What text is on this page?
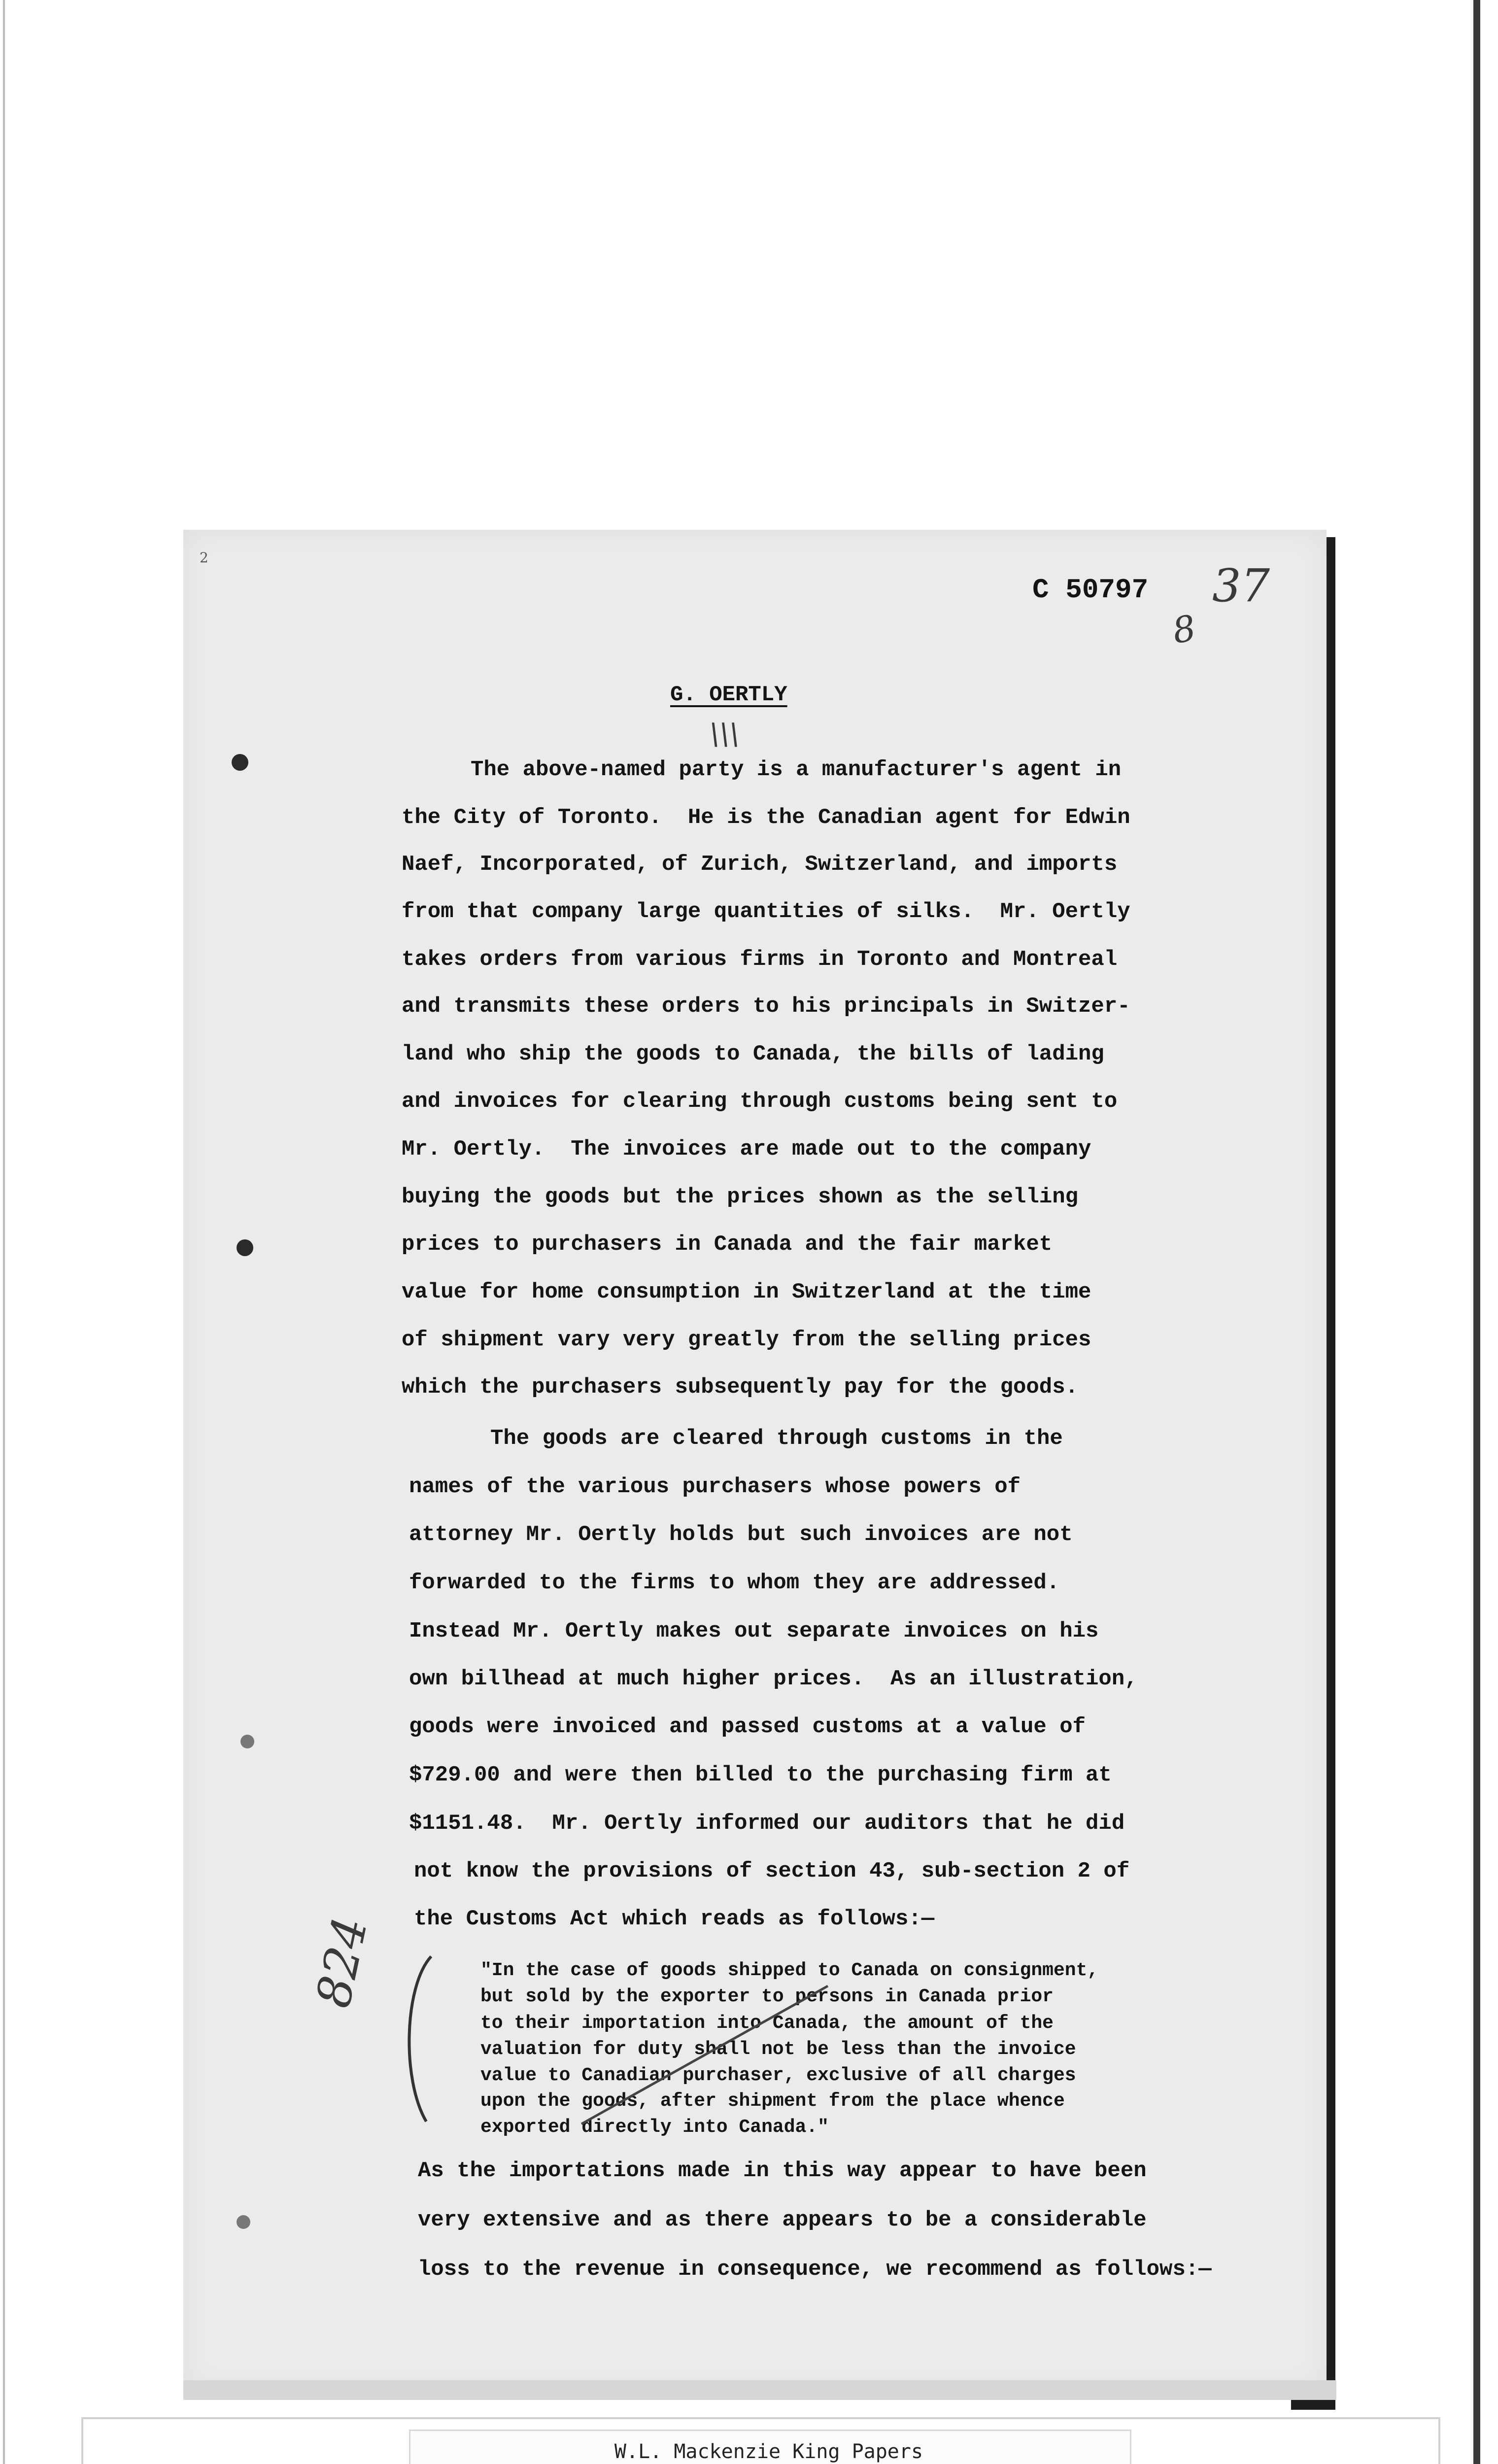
2
C 50797 37
8
G. OERTLY
\\\
The above-named party is a manufacturer's agent in
the City of Toronto.  He is the Canadian agent for Edwin
Naef, Incorporated, of Zurich, Switzerland, and imports
from that company large quantities of silks.  Mr. Oertly
takes orders from various firms in Toronto and Montreal
and transmits these orders to his principals in Switzer-
land who ship the goods to Canada, the bills of lading
and invoices for clearing through customs being sent to
Mr. Oertly.  The invoices are made out to the company
buying the goods but the prices shown as the selling
prices to purchasers in Canada and the fair market
value for home consumption in Switzerland at the time
of shipment vary very greatly from the selling prices
which the purchasers subsequently pay for the goods.
The goods are cleared through customs in the
names of the various purchasers whose powers of
attorney Mr. Oertly holds but such invoices are not
forwarded to the firms to whom they are addressed.
Instead Mr. Oertly makes out separate invoices on his
own billhead at much higher prices.  As an illustration,
goods were invoiced and passed customs at a value of
$729.00 and were then billed to the purchasing firm at
$1151.48.  Mr. Oertly informed our auditors that he did
not know the provisions of section 43, sub-section 2 of
the Customs Act which reads as follows:—
"In the case of goods shipped to Canada on consignment,
but sold by the exporter to persons in Canada prior
to their importation into Canada, the amount of the
valuation for duty shall not be less than the invoice
value to Canadian purchaser, exclusive of all charges
upon the goods, after shipment from the place whence
exported directly into Canada."
As the importations made in this way appear to have been
very extensive and as there appears to be a considerable
loss to the revenue in consequence, we recommend as follows:—
824
W.L. Mackenzie King Papers
